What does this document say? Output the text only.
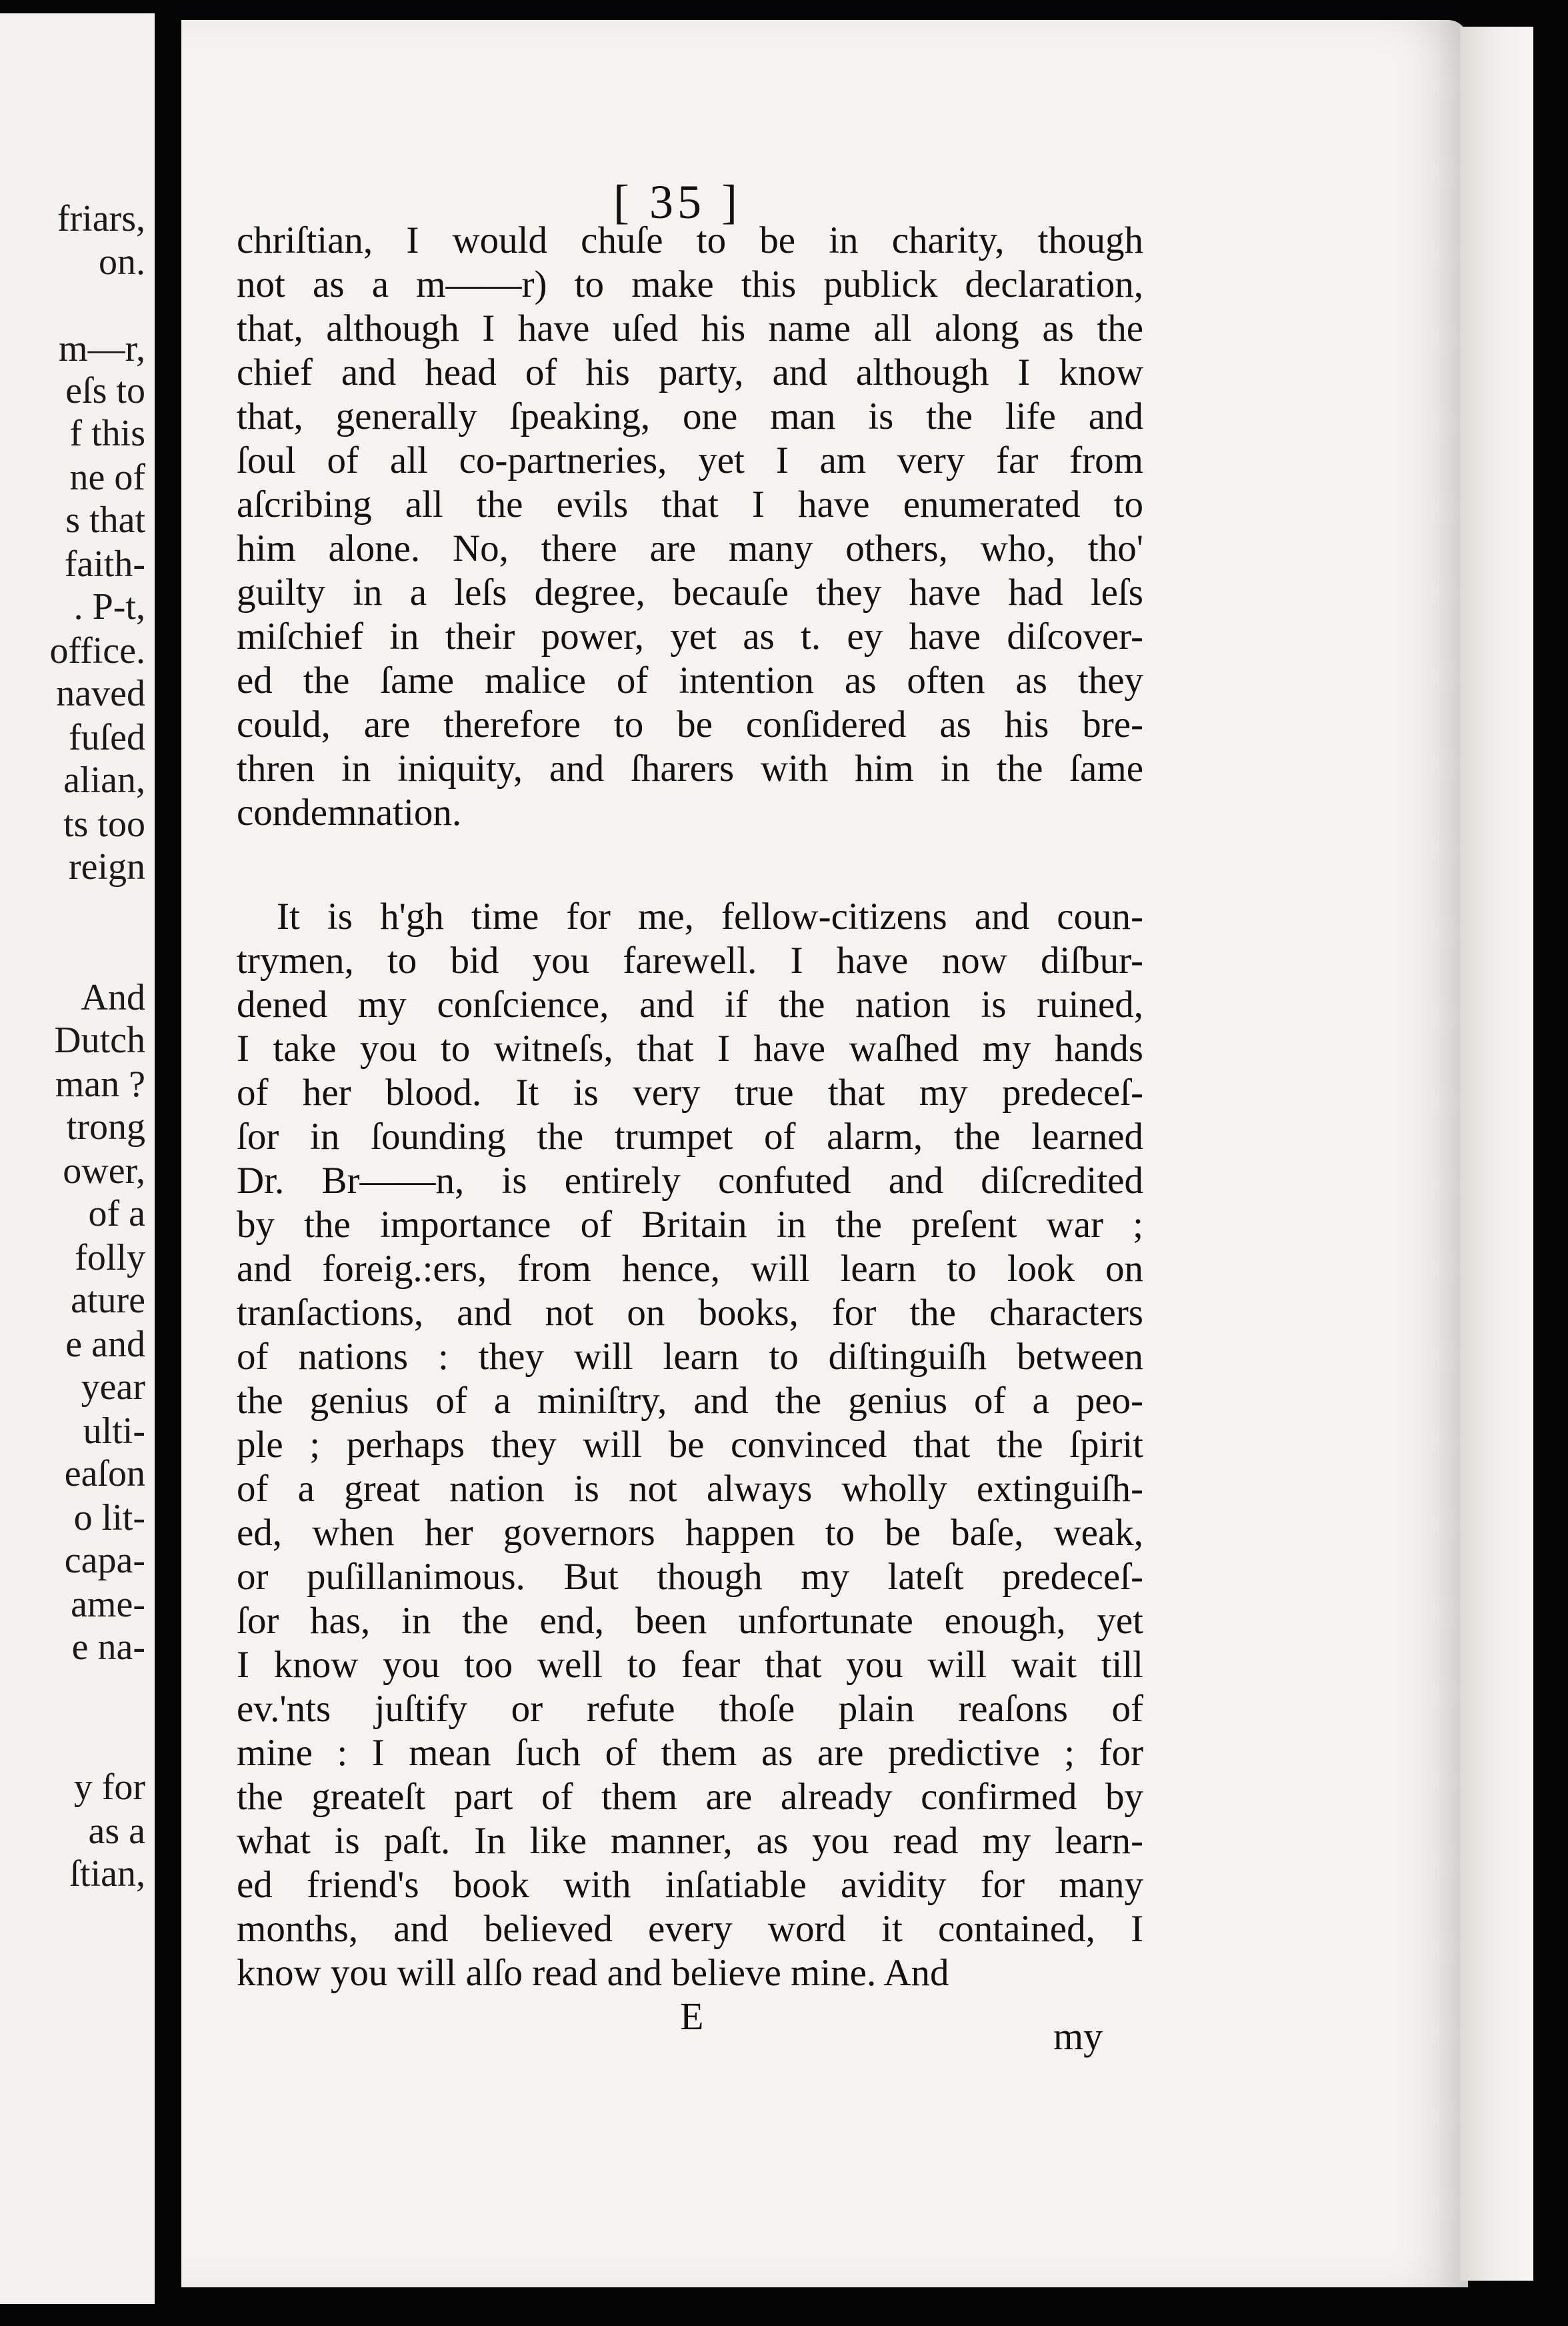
friars,
on.
m—r,
eſs to
f this
ne of
s that
faith-
. P-t,
office.
naved
fuſed
alian,
ts too
reign
And
Dutch
man ?
trong
ower,
of a
folly
ature
e and
year
ulti-
eaſon
o lit-
capa-
ame-
e na-
y for
as a
ſtian,
[ 35 ]
chriſtian, I would chuſe to be in charity, though
not as a m——r) to make this publick declaration,
that, although I have uſed his name all along as the
chief and head of his party, and although I know
that, generally ſpeaking, one man is the life and
ſoul of all co-partneries, yet I am very far from
aſcribing all the evils that I have enumerated to
him alone. No, there are many others, who, tho'
guilty in a leſs degree, becauſe they have had leſs
miſchief in their power, yet as t. ey have diſcover-
ed the ſame malice of intention as often as they
could, are therefore to be conſidered as his bre-
thren in iniquity, and ſharers with him in the ſame
condemnation.
It is h'gh time for me, fellow-citizens and coun-
trymen, to bid you farewell. I have now diſbur-
dened my conſcience, and if the nation is ruined,
I take you to witneſs, that I have waſhed my hands
of her blood. It is very true that my predeceſ-
ſor in ſounding the trumpet of alarm, the learned
Dr. Br——n, is entirely confuted and diſcredited
by the importance of Britain in the preſent war ;
and foreig.:ers, from hence, will learn to look on
tranſactions, and not on books, for the characters
of nations : they will learn to diſtinguiſh between
the genius of a miniſtry, and the genius of a peo-
ple ; perhaps they will be convinced that the ſpirit
of a great nation is not always wholly extinguiſh-
ed, when her governors happen to be baſe, weak,
or puſillanimous. But though my lateſt predeceſ-
ſor has, in the end, been unfortunate enough, yet
I know you too well to fear that you will wait till
ev.'nts juſtify or refute thoſe plain reaſons of
mine : I mean ſuch of them as are predictive ; for
the greateſt part of them are already confirmed by
what is paſt. In like manner, as you read my learn-
ed friend's book with inſatiable avidity for many
months, and believed every word it contained, I
know you will alſo read and believe mine. And
E	my
